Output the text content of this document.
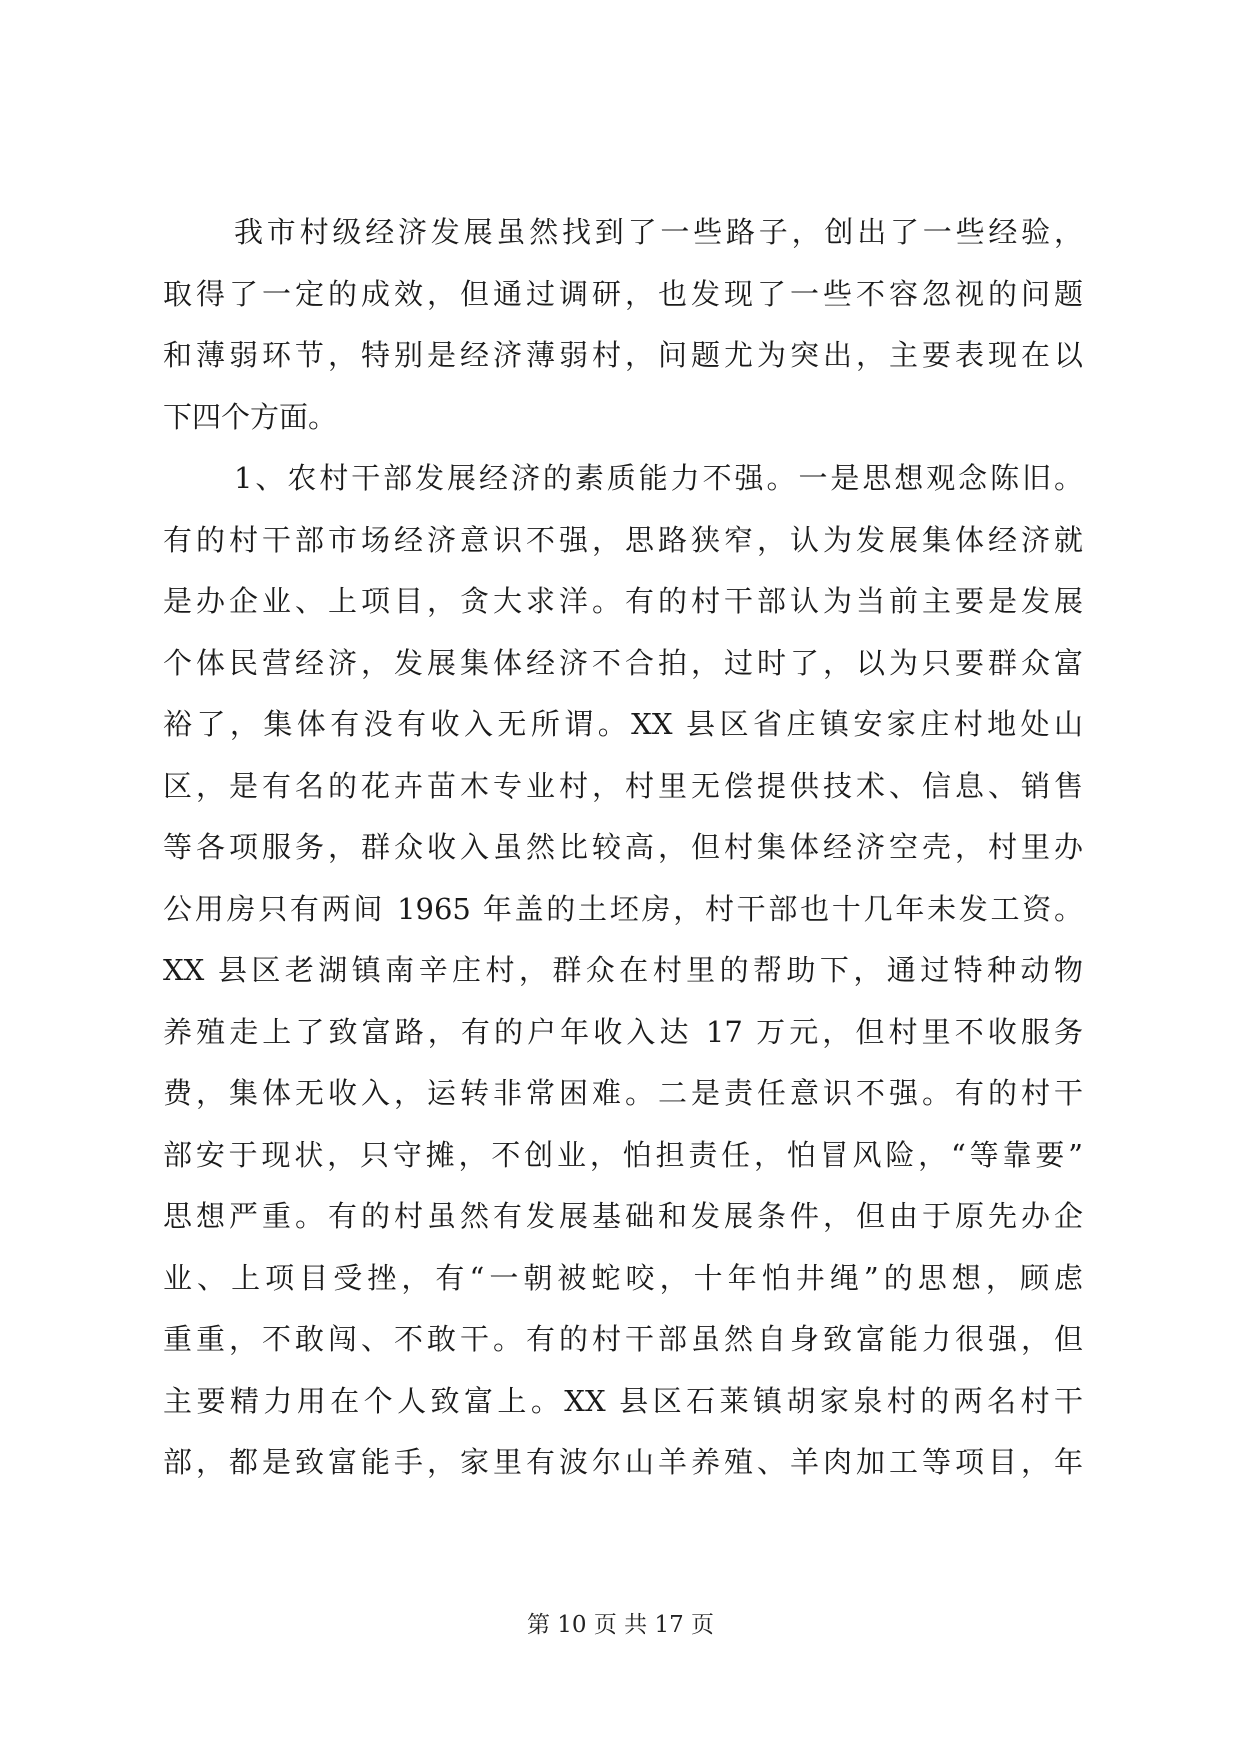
我市村级经济发展虽然找到了一些路子，创出了一些经验，
取得了一定的成效，但通过调研，也发现了一些不容忽视的问题
和薄弱环节，特别是经济薄弱村，问题尤为突出，主要表现在以
下四个方面。
1、农村干部发展经济的素质能力不强。一是思想观念陈旧。
有的村干部市场经济意识不强，思路狭窄，认为发展集体经济就
是办企业、上项目，贪大求洋。有的村干部认为当前主要是发展
个体民营经济，发展集体经济不合拍，过时了，以为只要群众富
裕了，集体有没有收入无所谓。XX 县区省庄镇安家庄村地处山
区，是有名的花卉苗木专业村，村里无偿提供技术、信息、销售
等各项服务，群众收入虽然比较高，但村集体经济空壳，村里办
公用房只有两间 1965 年盖的土坯房，村干部也十几年未发工资。
XX 县区老湖镇南辛庄村，群众在村里的帮助下，通过特种动物
养殖走上了致富路，有的户年收入达 17 万元，但村里不收服务
费，集体无收入，运转非常困难。二是责任意识不强。有的村干
部安于现状，只守摊，不创业，怕担责任，怕冒风险，“等靠要”
思想严重。有的村虽然有发展基础和发展条件，但由于原先办企
业、上项目受挫，有“一朝被蛇咬，十年怕井绳”的思想，顾虑
重重，不敢闯、不敢干。有的村干部虽然自身致富能力很强，但
主要精力用在个人致富上。XX 县区石莱镇胡家泉村的两名村干
部，都是致富能手，家里有波尔山羊养殖、羊肉加工等项目，年
第 10 页 共 17 页
